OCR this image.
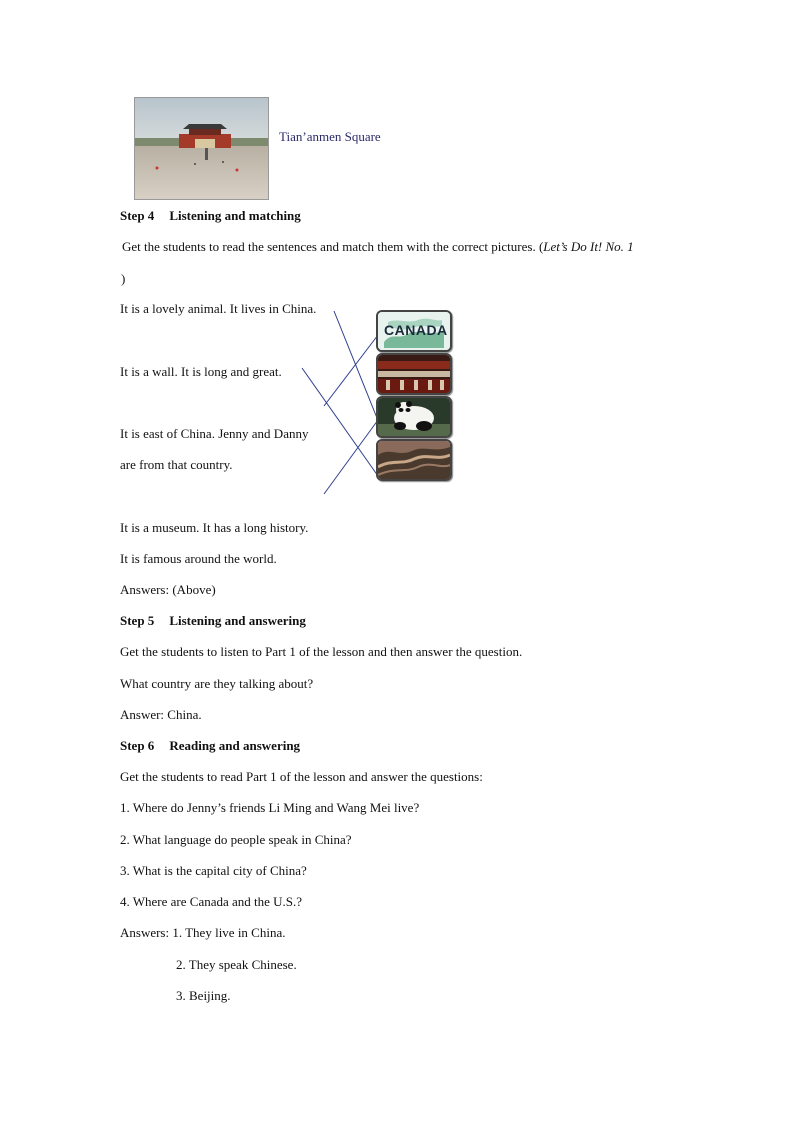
Tian’anmen Square
Step 4 Listening and matching
Get the students to read the sentences and match them with the correct pictures. (Let’s Do It! No. 1
)
It is a lovely animal. It lives in China.
It is a wall. It is long and great.
It is east of China. Jenny and Danny
are from that country.
CANADA
It is a museum. It has a long history.
It is famous around the world.
Answers: (Above)
Step 5 Listening and answering
Get the students to listen to Part 1 of the lesson and then answer the question.
What country are they talking about?
Answer: China.
Step 6 Reading and answering
Get the students to read Part 1 of the lesson and answer the questions:
1. Where do Jenny’s friends Li Ming and Wang Mei live?
2. What language do people speak in China?
3. What is the capital city of China?
4. Where are Canada and the U.S.?
Answers: 1. They live in China.
2. They speak Chinese.
3. Beijing.
